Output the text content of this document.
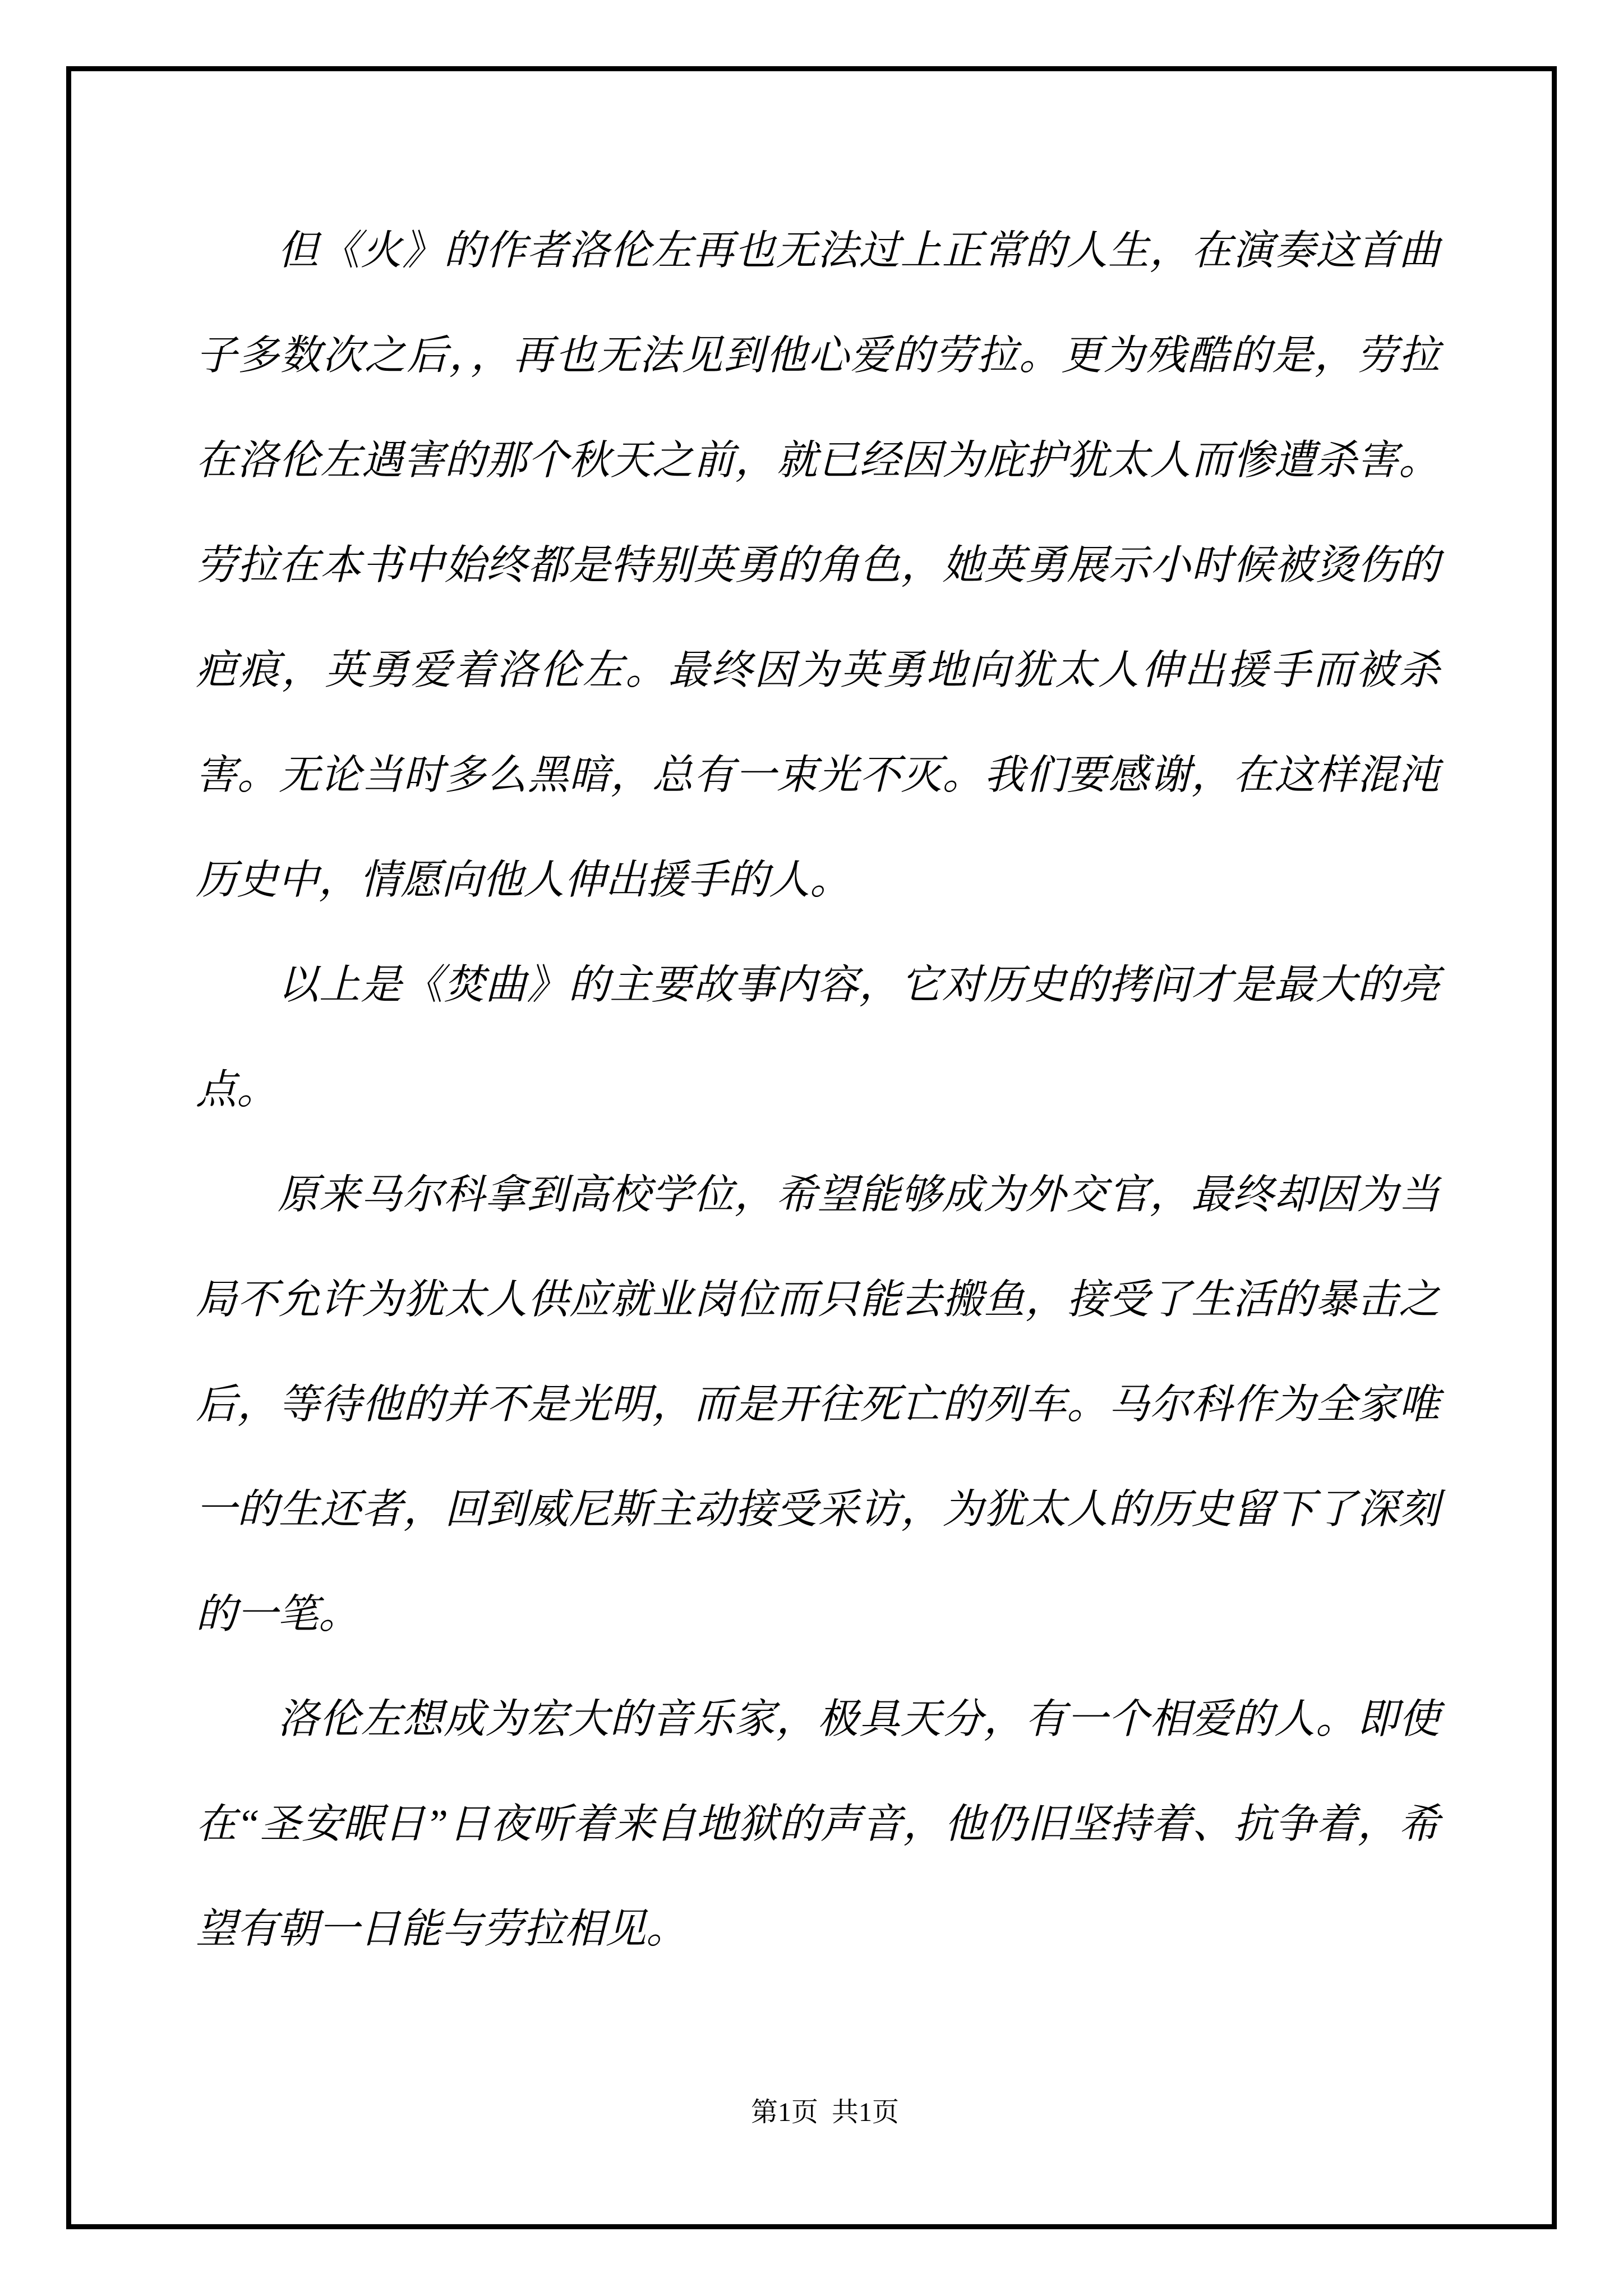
但《火》的作者洛伦左再也无法过上正常的人生，在演奏这首曲子多数次之后，，再也无法见到他心爱的劳拉。更为残酷的是，劳拉在洛伦左遇害的那个秋天之前，就已经因为庇护犹太人而惨遭杀害。劳拉在本书中始终都是特别英勇的角色，她英勇展示小时候被烫伤的疤痕，英勇爱着洛伦左。最终因为英勇地向犹太人伸出援手而被杀害。无论当时多么黑暗，总有一束光不灭。我们要感谢，在这样混沌历史中，情愿向他人伸出援手的人。

以上是《焚曲》的主要故事内容，它对历史的拷问才是最大的亮点。

原来马尔科拿到高校学位，希望能够成为外交官，最终却因为当局不允许为犹太人供应就业岗位而只能去搬鱼，接受了生活的暴击之后，等待他的并不是光明，而是开往死亡的列车。马尔科作为全家唯一的生还者，回到威尼斯主动接受采访，为犹太人的历史留下了深刻的一笔。

洛伦左想成为宏大的音乐家，极具天分，有一个相爱的人。即使在“圣安眠日”日夜听着来自地狱的声音，他仍旧坚持着、抗争着，希望有朝一日能与劳拉相见。

第1页  共1页
